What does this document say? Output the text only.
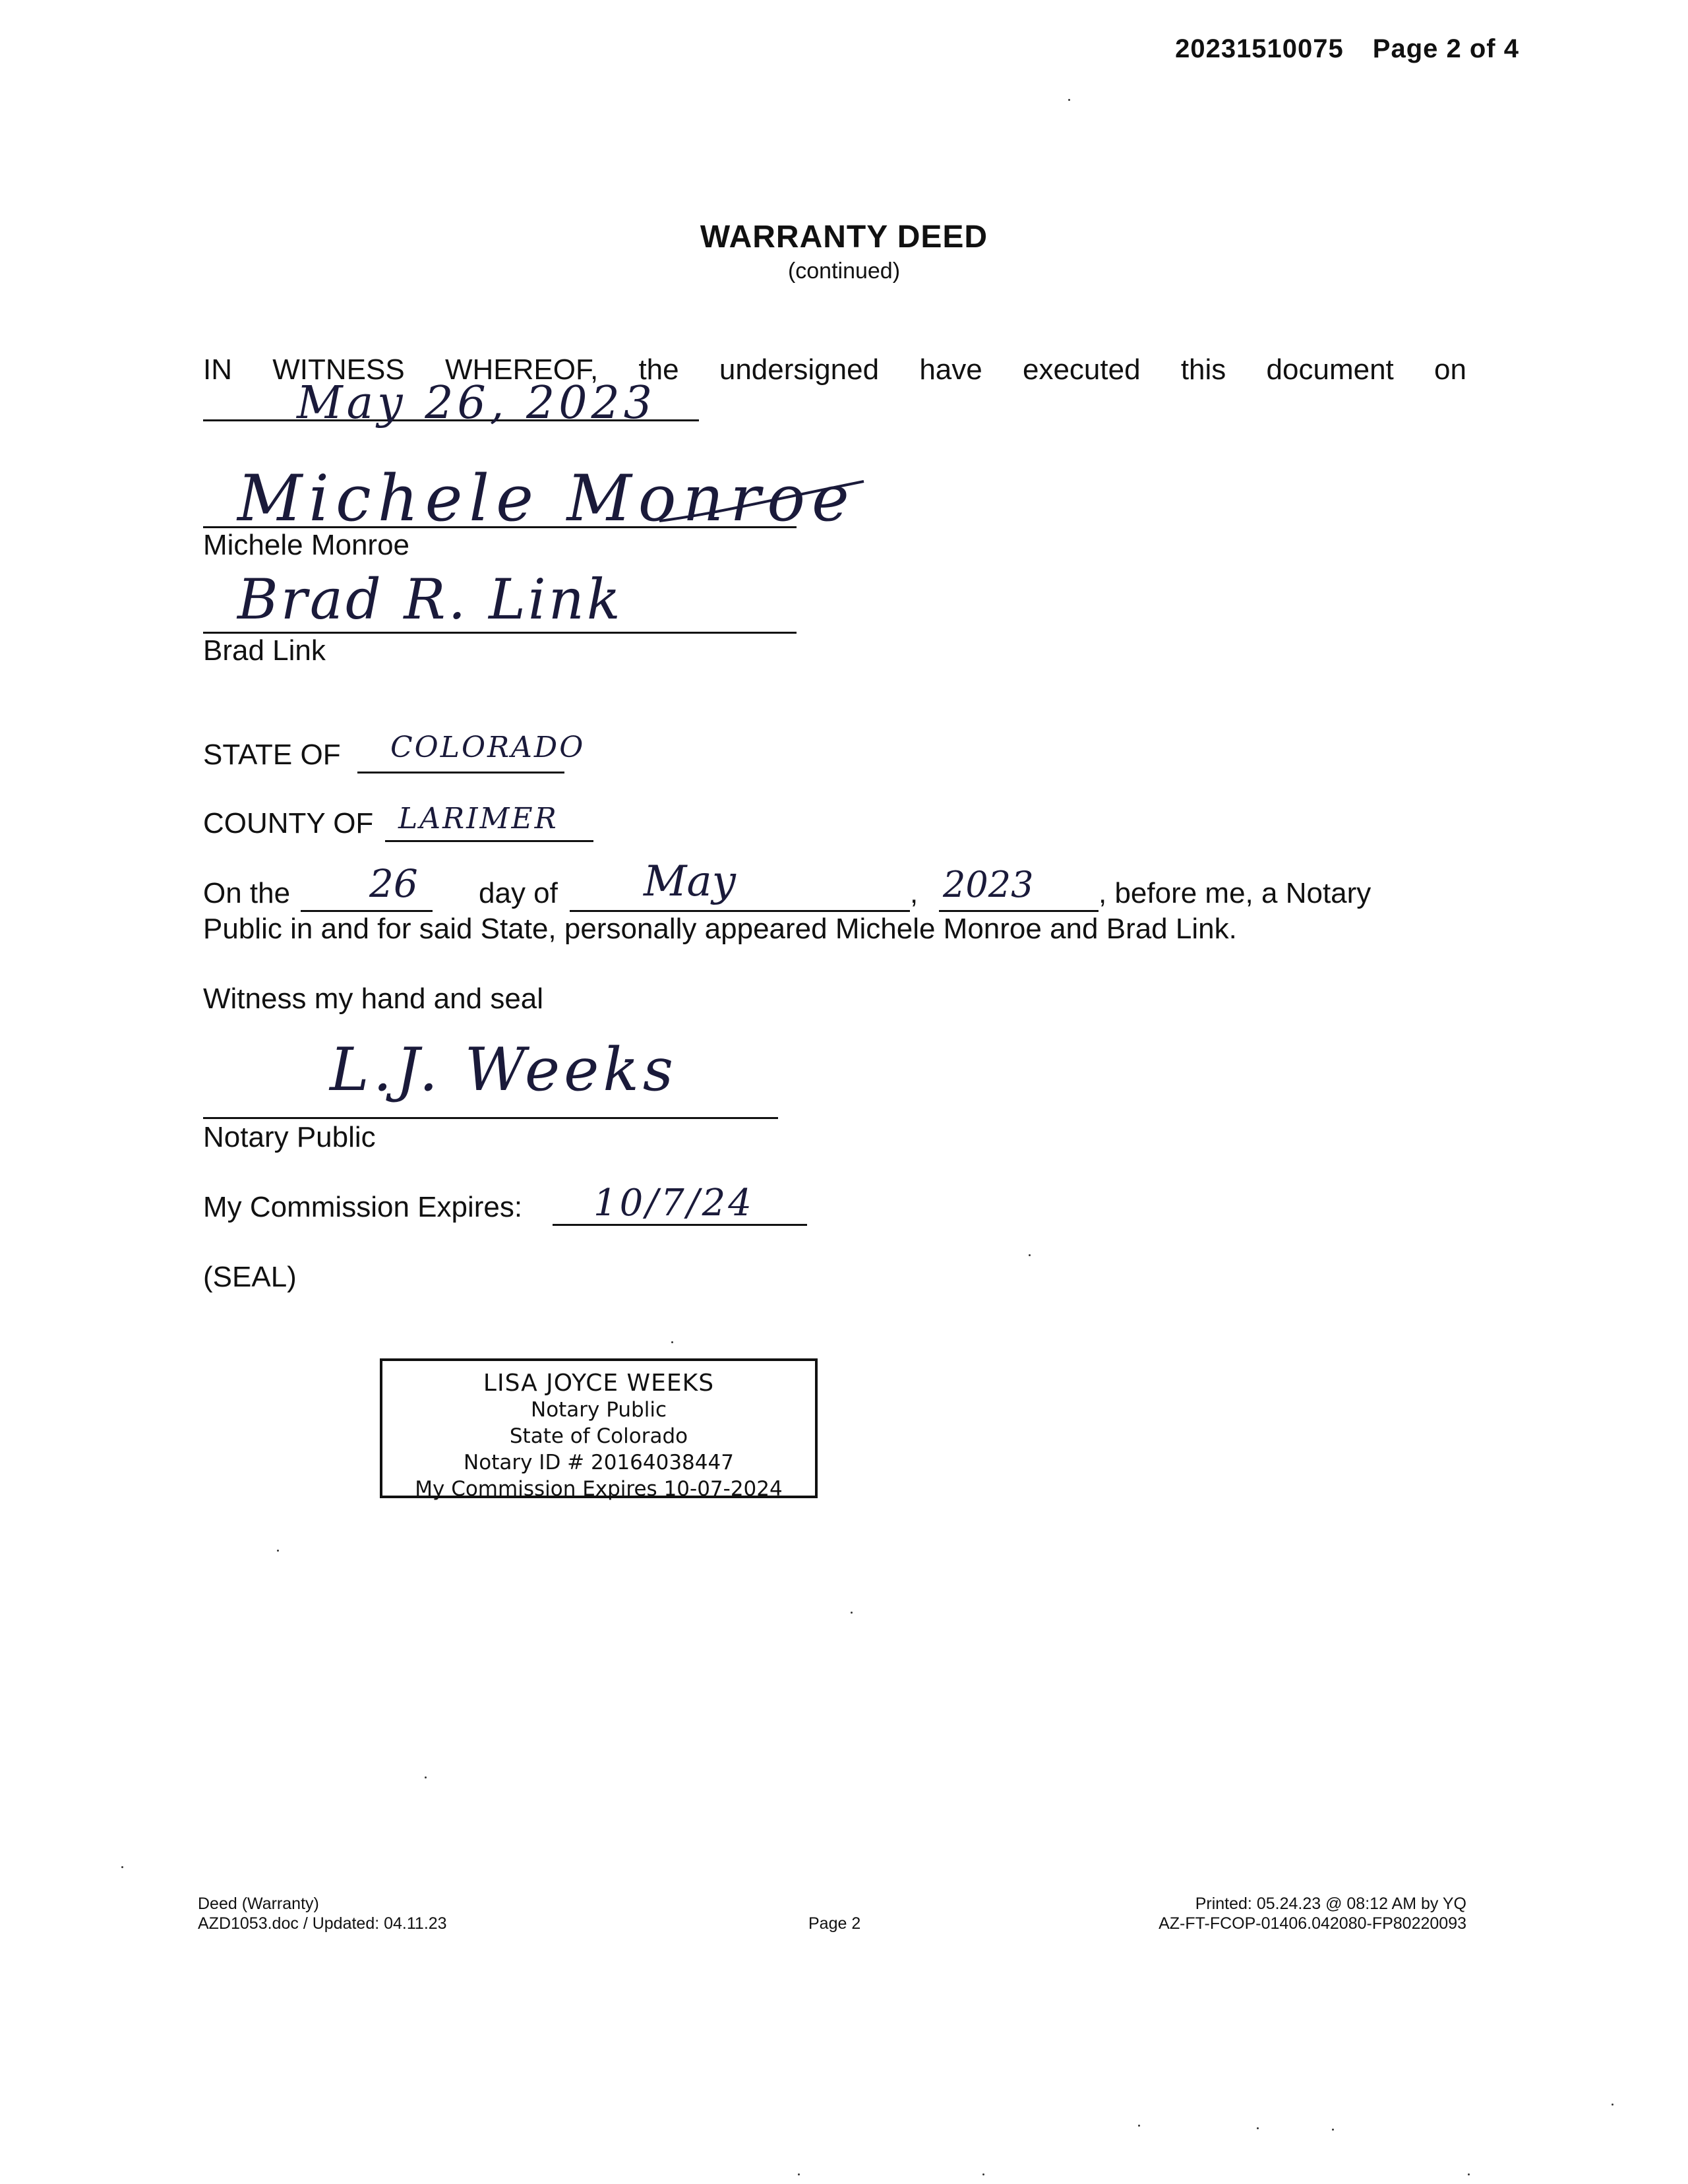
20231510075 Page 2 of 4
WARRANTY DEED
(continued)
IN WITNESS WHEREOF, the undersigned have executed this document on
May 26, 2023
Michele Monroe
Michele Monroe
Brad R. Link
Brad Link
STATE OF COLORADO
COUNTY OF LARIMER
On the 26 day of May	, 2023 , before me, a Notary
Public in and for said State, personally appeared Michele Monroe and Brad Link.
Witness my hand and seal
L.J. Weeks
Notary Public
My Commission Expires: 10/7/24
(SEAL)
LISA JOYCE WEEKS
Notary Public
State of Colorado
Notary ID # 20164038447
My Commission Expires 10-07-2024
Deed (Warranty)
AZD1053.doc / Updated: 04.11.23	Page 2
Printed: 05.24.23 @ 08:12 AM by YQ
AZ-FT-FCOP-01406.042080-FP80220093
